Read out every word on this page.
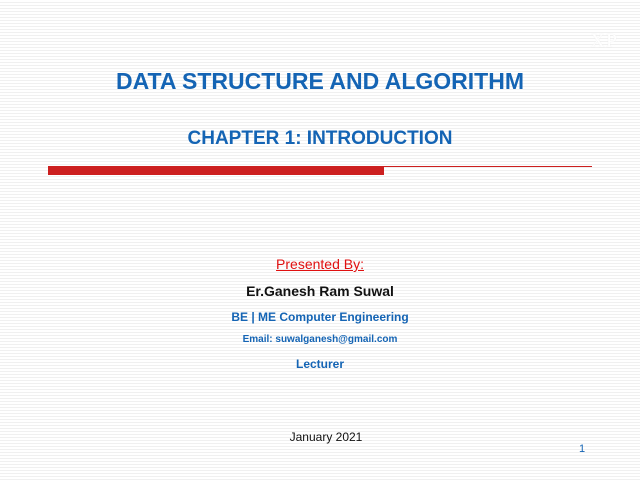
XP
DATA STRUCTURE AND ALGORITHM
CHAPTER 1: INTRODUCTION
Presented By:
Er.Ganesh Ram Suwal
BE | ME Computer Engineering
Email: suwalganesh@gmail.com
Lecturer
January 2021
1
